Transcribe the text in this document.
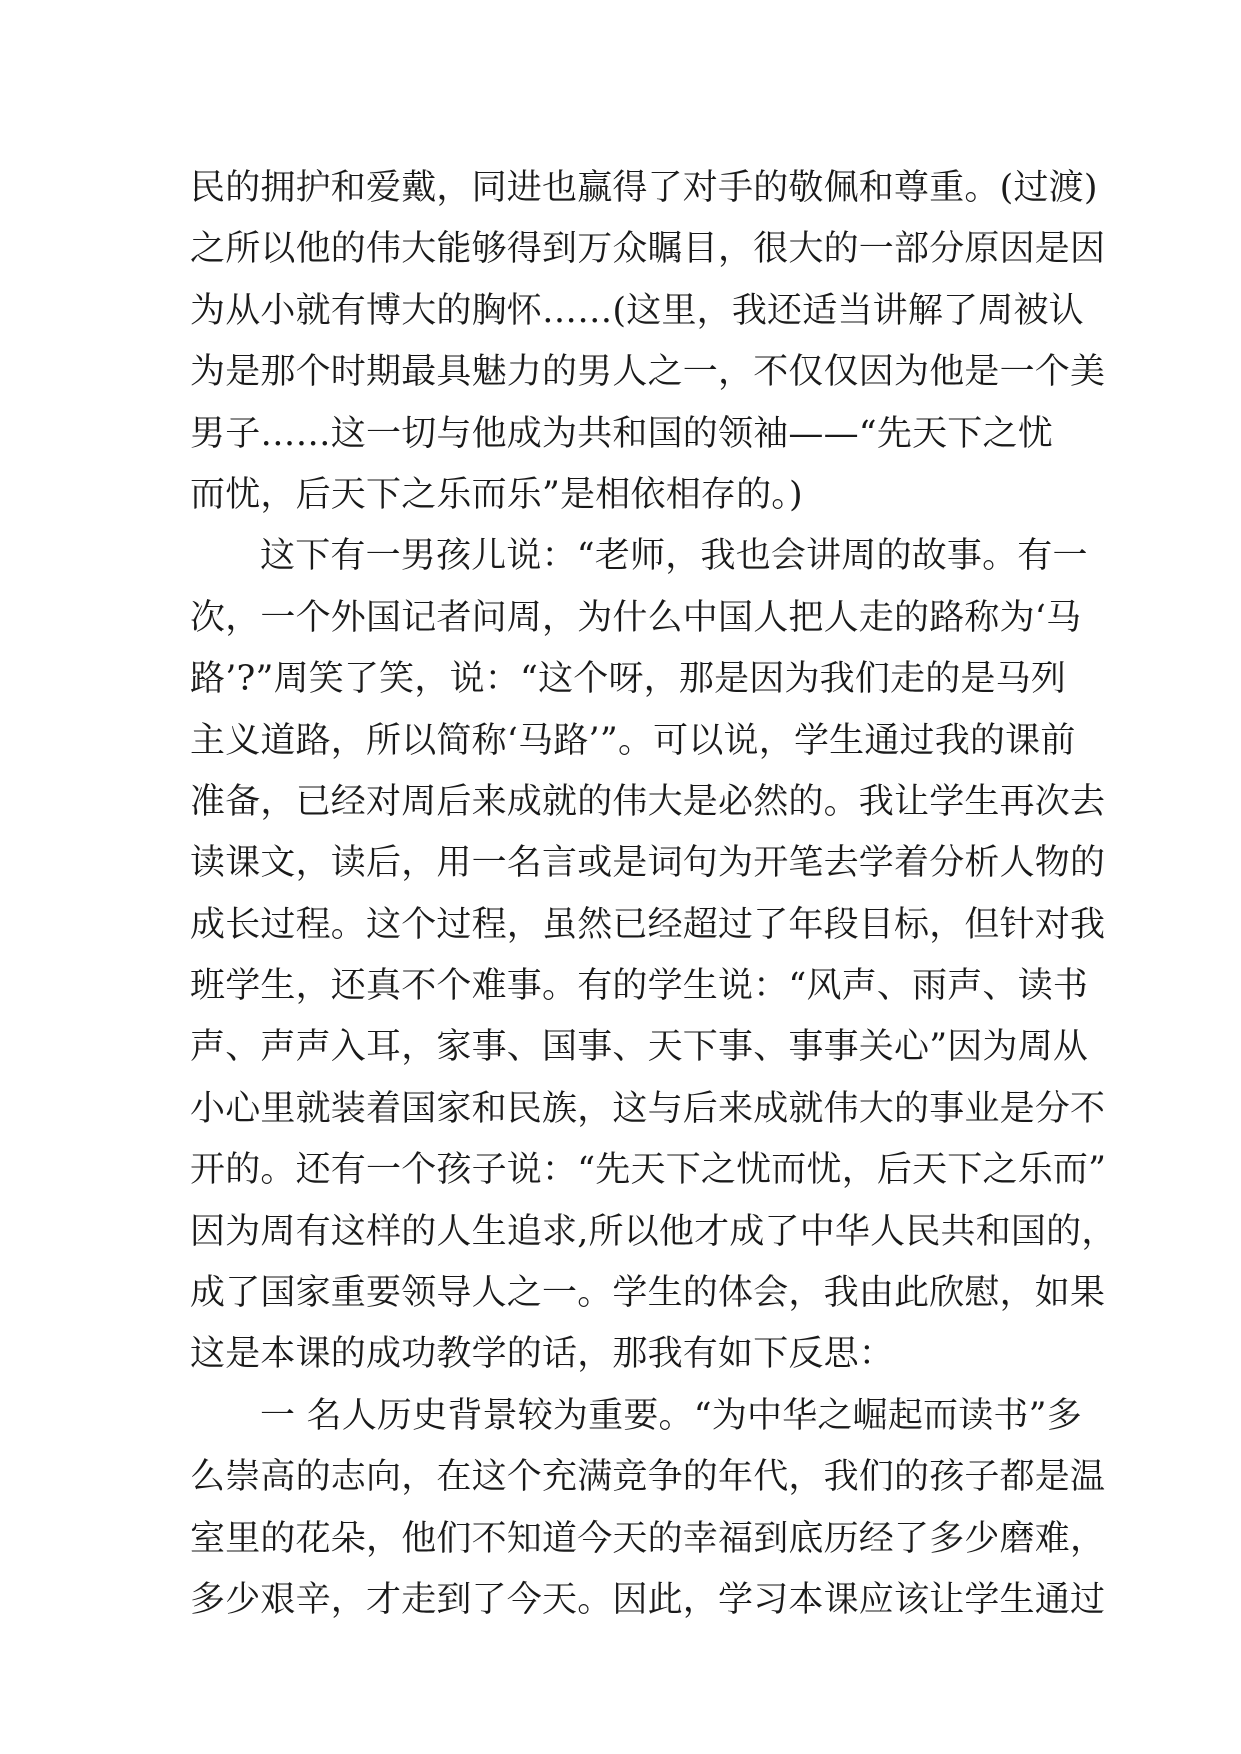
民的拥护和爱戴，同进也赢得了对手的敬佩和尊重。(过渡)
之所以他的伟大能够得到万众瞩目，很大的一部分原因是因
为从小就有博大的胸怀……(这里，我还适当讲解了周被认
为是那个时期最具魅力的男人之一，不仅仅因为他是一个美
男子……这一切与他成为共和国的领袖——“先天下之忧
而忧，后天下之乐而乐”是相依相存的。)
这下有一男孩儿说：“老师，我也会讲周的故事。有一
次，一个外国记者问周，为什么中国人把人走的路称为‘马
路’?”周笑了笑，说：“这个呀，那是因为我们走的是马列
主义道路，所以简称‘马路’”。可以说，学生通过我的课前
准备，已经对周后来成就的伟大是必然的。我让学生再次去
读课文，读后，用一名言或是词句为开笔去学着分析人物的
成长过程。这个过程，虽然已经超过了年段目标，但针对我
班学生，还真不个难事。有的学生说：“风声、雨声、读书
声、声声入耳，家事、国事、天下事、事事关心”因为周从
小心里就装着国家和民族，这与后来成就伟大的事业是分不
开的。还有一个孩子说：“先天下之忧而忧，后天下之乐而”
因为周有这样的人生追求,所以他才成了中华人民共和国的，
成了国家重要领导人之一。学生的体会，我由此欣慰，如果
这是本课的成功教学的话，那我有如下反思：
一 名人历史背景较为重要。“为中华之崛起而读书”多
么崇高的志向，在这个充满竞争的年代，我们的孩子都是温
室里的花朵，他们不知道今天的幸福到底历经了多少磨难，
多少艰辛，才走到了今天。因此，学习本课应该让学生通过
